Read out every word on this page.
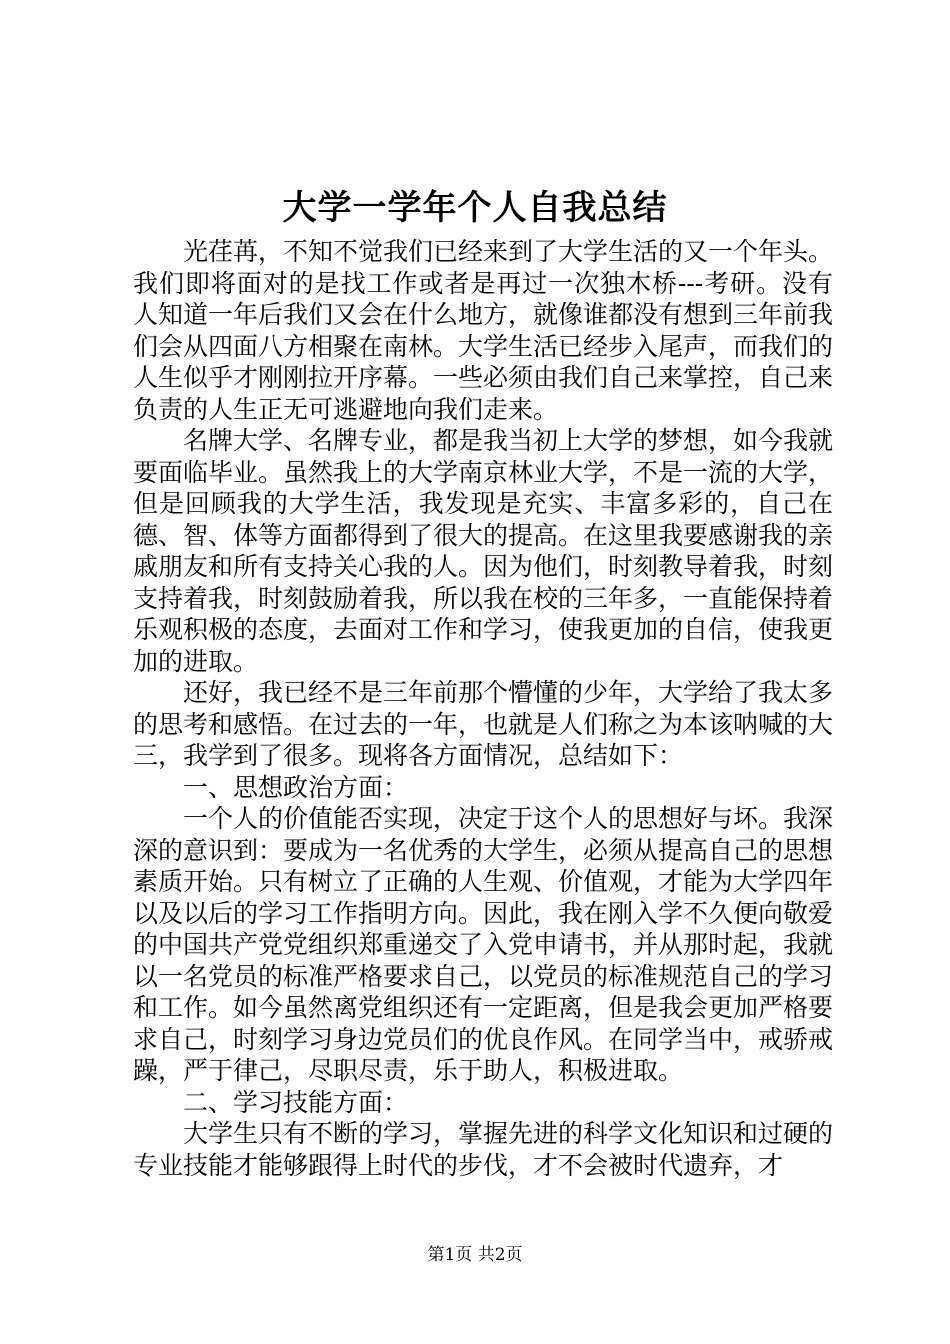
大学一学年个人自我总结

光荏苒，不知不觉我们已经来到了大学生活的又一个年头。我们即将面对的是找工作或者是再过一次独木桥---考研。没有人知道一年后我们又会在什么地方，就像谁都没有想到三年前我们会从四面八方相聚在南林。大学生活已经步入尾声，而我们的人生似乎才刚刚拉开序幕。一些必须由我们自己来掌控，自己来负责的人生正无可逃避地向我们走来。

名牌大学、名牌专业，都是我当初上大学的梦想，如今我就要面临毕业。虽然我上的大学南京林业大学，不是一流的大学，但是回顾我的大学生活，我发现是充实、丰富多彩的，自己在德、智、体等方面都得到了很大的提高。在这里我要感谢我的亲戚朋友和所有支持关心我的人。因为他们，时刻教导着我，时刻支持着我，时刻鼓励着我，所以我在校的三年多，一直能保持着乐观积极的态度，去面对工作和学习，使我更加的自信，使我更加的进取。

还好，我已经不是三年前那个懵懂的少年，大学给了我太多的思考和感悟。在过去的一年，也就是人们称之为本该呐喊的大三，我学到了很多。现将各方面情况，总结如下：

一、思想政治方面：

一个人的价值能否实现，决定于这个人的思想好与坏。我深深的意识到：要成为一名优秀的大学生，必须从提高自己的思想素质开始。只有树立了正确的人生观、价值观，才能为大学四年以及以后的学习工作指明方向。因此，我在刚入学不久便向敬爱的中国共产党党组织郑重递交了入党申请书，并从那时起，我就以一名党员的标准严格要求自己，以党员的标准规范自己的学习和工作。如今虽然离党组织还有一定距离，但是我会更加严格要求自己，时刻学习身边党员们的优良作风。在同学当中，戒骄戒躁，严于律己，尽职尽责，乐于助人，积极进取。

二、学习技能方面：

大学生只有不断的学习，掌握先进的科学文化知识和过硬的专业技能才能够跟得上时代的步伐，才不会被时代遗弃，才

第1页 共2页
